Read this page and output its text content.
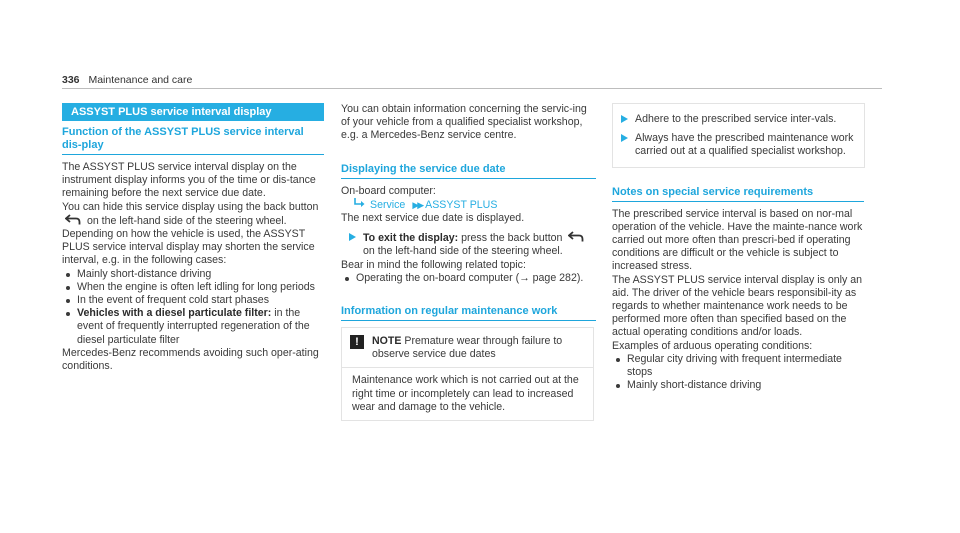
336 Maintenance and care
ASSYST PLUS service interval display
Function of the ASSYST PLUS service interval dis-play

The ASSYST PLUS service interval display on the instrument display informs you of the time or dis-tance remaining before the next service due date.

You can hide this service display using the back button  on the left-hand side of the steering wheel.

Depending on how the vehicle is used, the ASSYST PLUS service interval display may shorten the service interval, e.g. in the following cases:

Mainly short-distance driving
When the engine is often left idling for long periods
In the event of frequent cold start phases
Vehicles with a diesel particulate filter: in the event of frequently interrupted regeneration of the diesel particulate filter

Mercedes-Benz recommends avoiding such oper-ating conditions.

You can obtain information concerning the servic-ing of your vehicle from a qualified specialist workshop, e.g. a Mercedes-Benz service centre.

Displaying the service due date

On-board computer:

Service ▶▶ ASSYST PLUS

The next service due date is displayed.

To exit the display: press the back button  on the left-hand side of the steering wheel.

Bear in mind the following related topic:

Operating the on-board computer (→ page 282).
Information on regular maintenance work
!	NOTE Premature wear through failure to observe service due dates
Maintenance work which is not carried out at the right time or incompletely can lead to increased wear and damage to the vehicle.
Adhere to the prescribed service inter-vals.
Always have the prescribed maintenance work carried out at a qualified specialist workshop.
Notes on special service requirements

The prescribed service interval is based on nor-mal operation of the vehicle. Have the mainte-nance work carried out more often than prescri-bed if operating conditions are difficult or the vehicle is subject to increased stress.

The ASSYST PLUS service interval display is only an aid. The driver of the vehicle bears responsibil-ity as regards to whether maintenance work needs to be performed more often than specified based on the actual operating conditions and/or loads.

Examples of arduous operating conditions:

Regular city driving with frequent intermediate stops
Mainly short-distance driving
